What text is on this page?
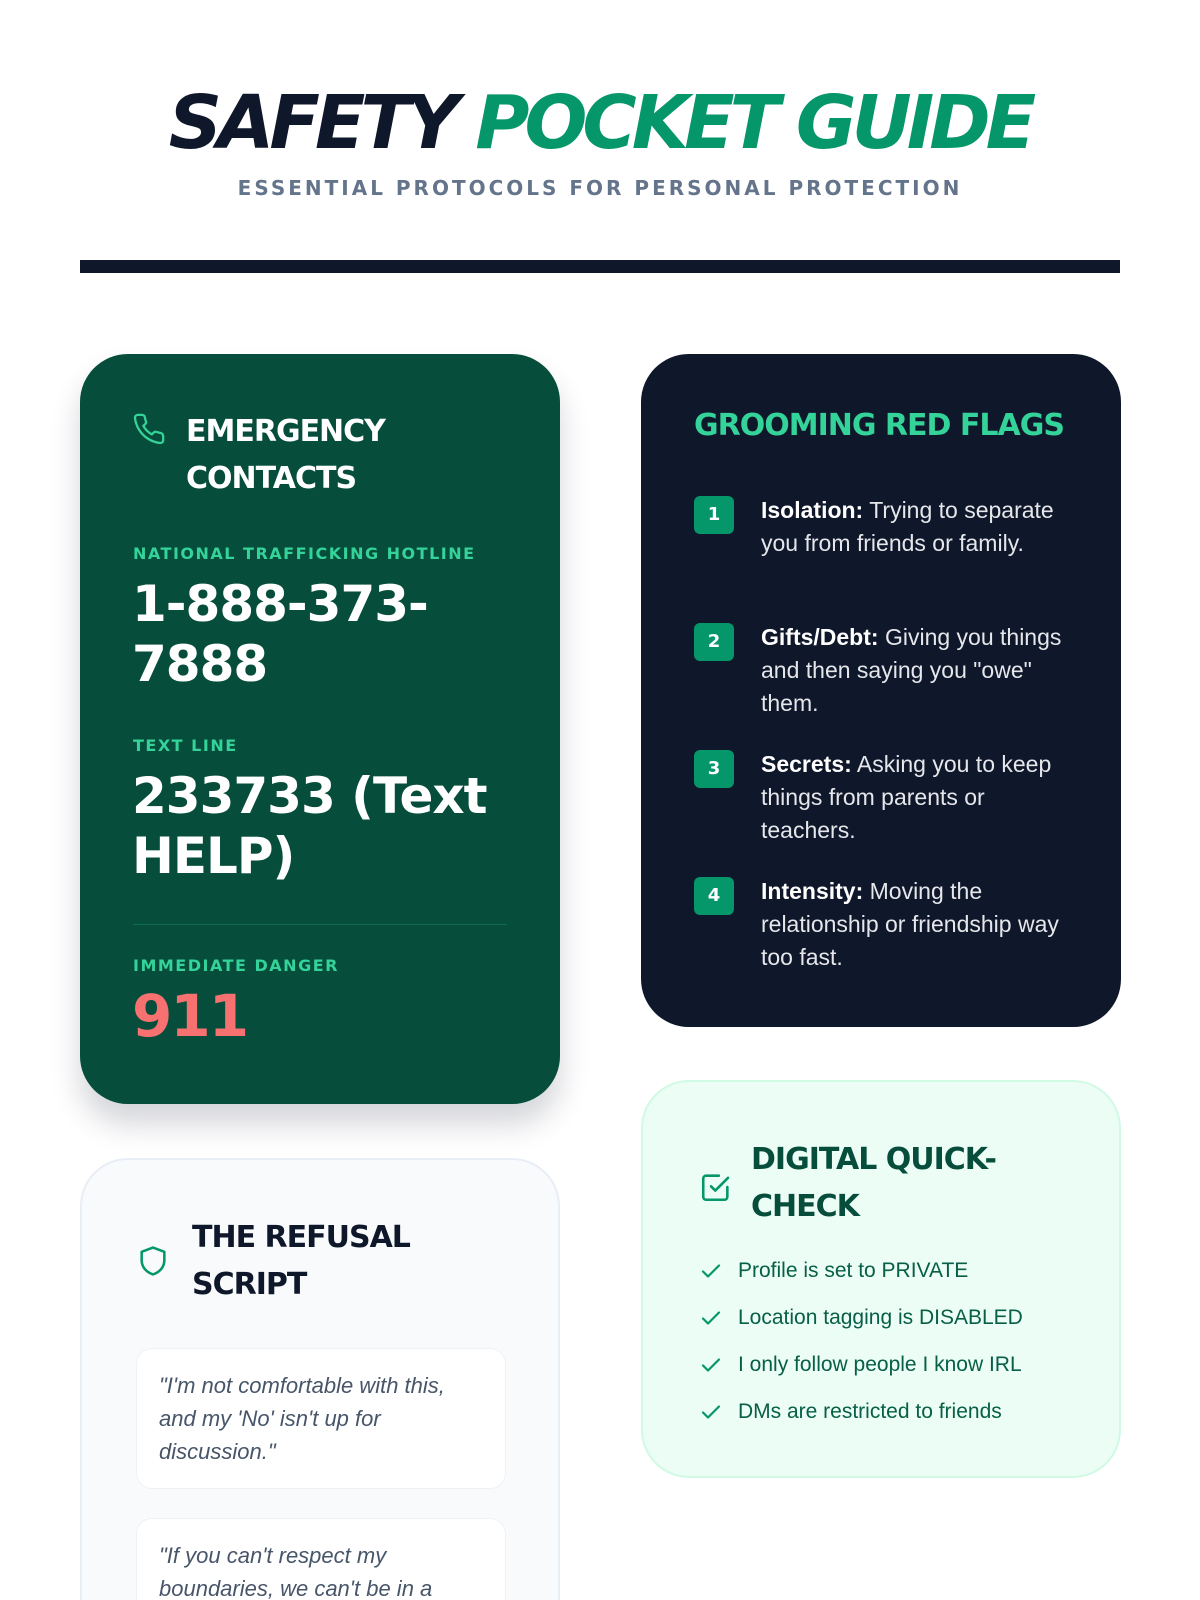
SAFETY POCKET GUIDE
ESSENTIAL PROTOCOLS FOR PERSONAL PROTECTION
EMERGENCY CONTACTS
NATIONAL TRAFFICKING HOTLINE
1-888-373-7888
TEXT LINE
233733 (Text HELP)
IMMEDIATE DANGER
911
GROOMING RED FLAGS
1	Isolation: Trying to separate you from friends or family.
2	Gifts/Debt: Giving you things and then saying you "owe" them.
3	Secrets: Asking you to keep things from parents or teachers.
4	Intensity: Moving the relationship or friendship way too fast.
THE REFUSAL SCRIPT
"I'm not comfortable with this, and my 'No' isn't up for discussion."
"If you can't respect my boundaries, we can't be in a
DIGITAL QUICK-CHECK
Profile is set to PRIVATE
Location tagging is DISABLED
I only follow people I know IRL
DMs are restricted to friends
